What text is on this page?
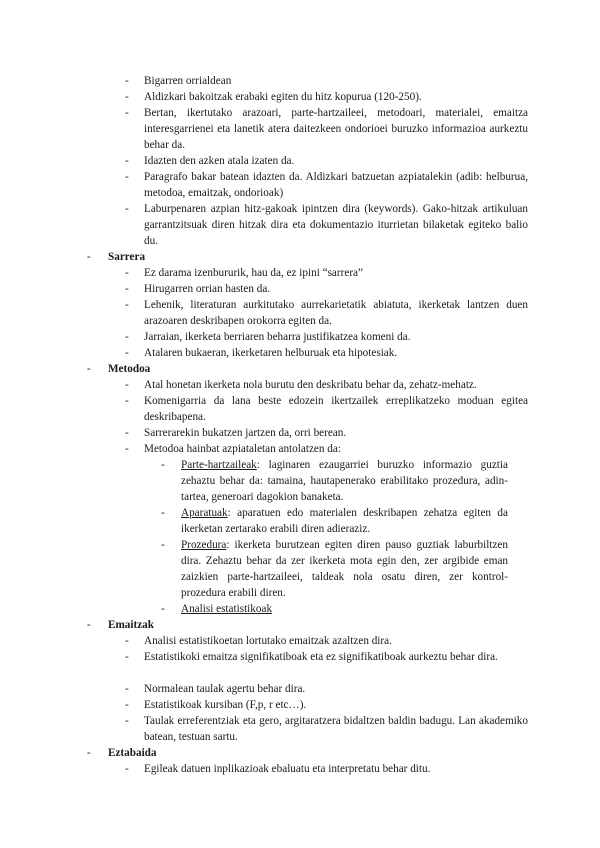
- Bigarren orrialdean
- Aldizkari bakoitzak erabaki egiten du hitz kopurua (120-250).
- Bertan, ikertutako arazoari, parte-hartzaileei, metodoari, materialei, emaitza interesgarrienei eta lanetik atera daitezkeen ondorioei buruzko informazioa aurkeztu behar da.
- Idazten den azken atala izaten da.
- Paragrafo bakar batean idazten da. Aldizkari batzuetan azpiatalekin (adib: helburua, metodoa, emaitzak, ondorioak)
- Laburpenaren azpian hitz-gakoak ipintzen dira (keywords). Gako-hitzak artikuluan garrantzitsuak diren hitzak dira eta dokumentazio iturrietan bilaketak egiteko balio du.
- Sarrera
- Ez darama izenbururik, hau da, ez ipini “sarrera”
- Hirugarren orrian hasten da.
- Lehenik, literaturan aurkitutako aurrekarietatik abiatuta, ikerketak lantzen duen arazoaren deskribapen orokorra egiten da.
- Jarraian, ikerketa berriaren beharra justifikatzea komeni da.
- Atalaren bukaeran, ikerketaren helburuak eta hipotesiak.
- Metodoa
- Atal honetan ikerketa nola burutu den deskribatu behar da, zehatz-mehatz.
- Komenigarria da lana beste edozein ikertzailek erreplikatzeko moduan egitea deskribapena.
- Sarrerarekin bukatzen jartzen da, orri berean.
- Metodoa hainbat azpiataletan antolatzen da:
- Parte-hartzaileak: laginaren ezaugarriei buruzko informazio guztia zehaztu behar da: tamaina, hautapenerako erabilitako prozedura, adin-tartea, generoari dagokion banaketa.
- Aparatuak: aparatuen edo materialen deskribapen zehatza egiten da ikerketan zertarako erabili diren adieraziz.
- Prozedura: ikerketa burutzean egiten diren pauso guztiak laburbiltzen dira. Zehaztu behar da zer ikerketa mota egin den, zer argibide eman zaizkien parte-hartzaileei, taldeak nola osatu diren, zer kontrol-prozedura erabili diren.
- Analisi estatistikoak
- Emaitzak
- Analisi estatistikoetan lortutako emaitzak azaltzen dira.
- Estatistikoki emaitza signifikatiboak eta ez signifikatiboak aurkeztu behar dira.
- Normalean taulak agertu behar dira.
- Estatistikoak kursiban (F,p, r etc…).
- Taulak erreferentziak eta gero, argitaratzera bidaltzen baldin badugu. Lan akademiko batean, testuan sartu.
- Eztabaida
- Egileak datuen inplikazioak ebaluatu eta interpretatu behar ditu.
